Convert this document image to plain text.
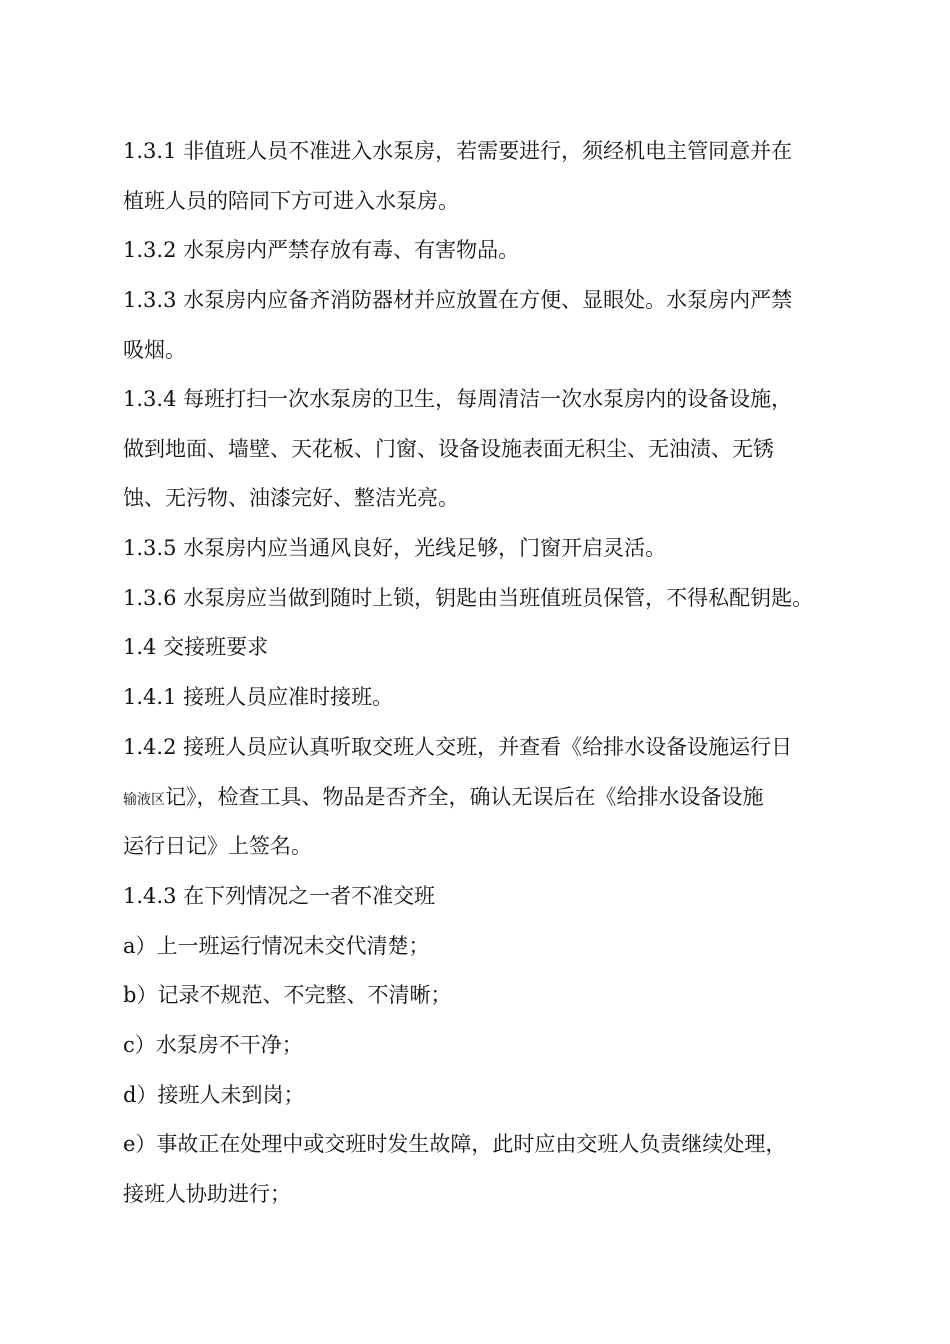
1.3.1 非值班人员不准进入水泵房，若需要进行，须经机电主管同意并在
植班人员的陪同下方可进入水泵房。
1.3.2 水泵房内严禁存放有毒、有害物品。
1.3.3 水泵房内应备齐消防器材并应放置在方便、显眼处。水泵房内严禁
吸烟。
1.3.4 每班打扫一次水泵房的卫生，每周清洁一次水泵房内的设备设施，
做到地面、墙壁、天花板、门窗、设备设施表面无积尘、无油渍、无锈
蚀、无污物、油漆完好、整洁光亮。
1.3.5 水泵房内应当通风良好，光线足够，门窗开启灵活。
1.3.6 水泵房应当做到随时上锁，钥匙由当班值班员保管，不得私配钥匙。
1.4 交接班要求
1.4.1 接班人员应准时接班。
1.4.2 接班人员应认真听取交班人交班，并查看《给排水设备设施运行日
输液区记》，检查工具、物品是否齐全，确认无误后在《给排水设备设施
运行日记》上签名。
1.4.3 在下列情况之一者不准交班
a）上一班运行情况未交代清楚；
b）记录不规范、不完整、不清晰；
c）水泵房不干净；
d）接班人未到岗；
e）事故正在处理中或交班时发生故障，此时应由交班人负责继续处理，
接班人协助进行；
